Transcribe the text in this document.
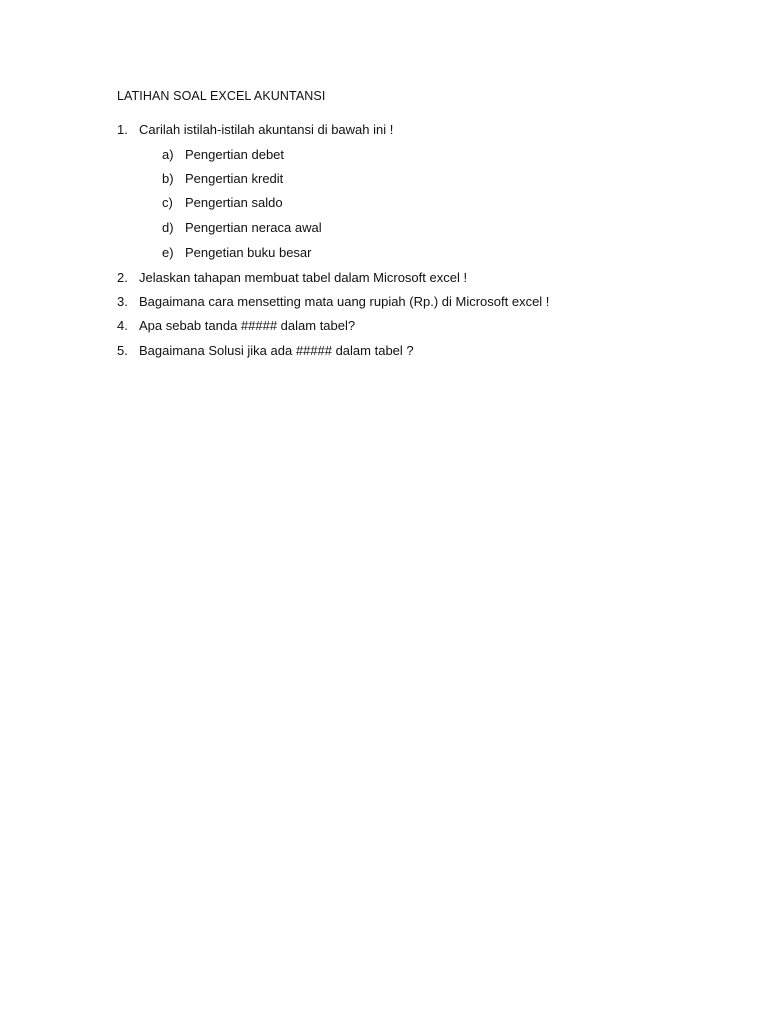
LATIHAN SOAL EXCEL AKUNTANSI
1. Carilah istilah-istilah akuntansi di bawah ini !
a) Pengertian debet
b) Pengertian kredit
c) Pengertian saldo
d) Pengertian neraca awal
e) Pengetian buku besar
2. Jelaskan tahapan membuat tabel dalam Microsoft excel !
3. Bagaimana cara mensetting mata uang rupiah (Rp.) di Microsoft excel !
4. Apa sebab tanda ##### dalam tabel?
5. Bagaimana Solusi jika ada ##### dalam tabel ?
